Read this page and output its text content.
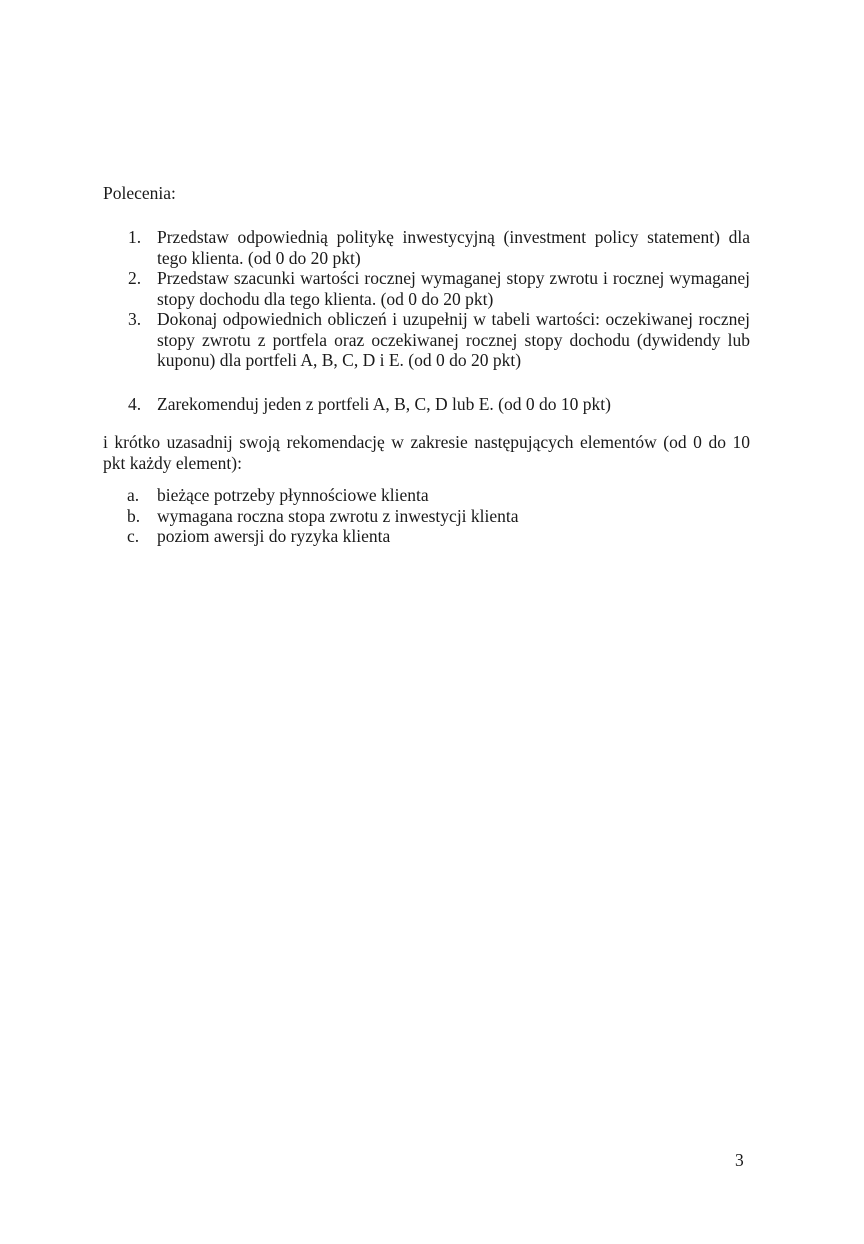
Polecenia:

1. Przedstaw odpowiednią politykę inwestycyjną (investment policy statement) dla tego klienta. (od 0 do 20 pkt)
2. Przedstaw szacunki wartości rocznej wymaganej stopy zwrotu i rocznej wymaganej stopy dochodu dla tego klienta. (od 0 do 20 pkt)
3. Dokonaj odpowiednich obliczeń i uzupełnij w tabeli wartości: oczekiwanej rocznej stopy zwrotu z portfela oraz oczekiwanej rocznej stopy dochodu (dywidendy lub kuponu) dla portfeli A, B, C, D i E. (od 0 do 20 pkt)
4. Zarekomenduj jeden z portfeli A, B, C, D lub E. (od 0 do 10 pkt)

i krótko uzasadnij swoją rekomendację w zakresie następujących elementów (od 0 do 10 pkt każdy element):

a. bieżące potrzeby płynnościowe klienta
b. wymagana roczna stopa zwrotu z inwestycji klienta
c. poziom awersji do ryzyka klienta
3
